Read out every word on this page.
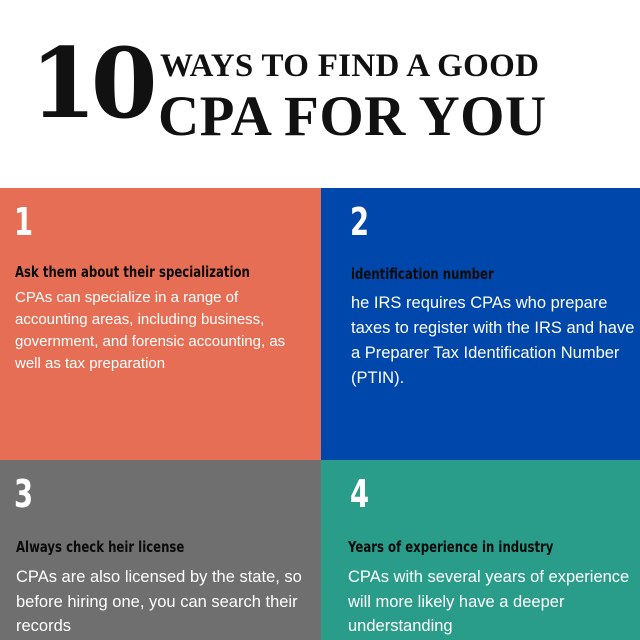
10 WAYS TO FIND A GOOD
CPA FOR YOU
1
Ask them about their specialization
CPAs can specialize in a range of accounting areas, including business, government, and forensic accounting, as well as tax preparation
2
identification number
he IRS requires CPAs who prepare taxes to register with the IRS and have a Preparer Tax Identification Number (PTIN).
3
Always check heir license
CPAs are also licensed by the state, so before hiring one, you can search their records
4
Years of experience in industry
CPAs with several years of experience will more likely have a deeper understanding
